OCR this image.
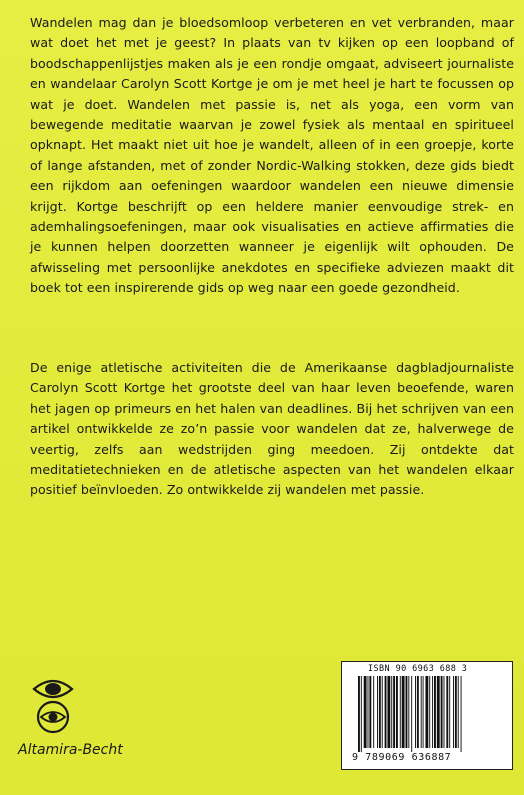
Wandelen mag dan je bloedsomloop verbeteren en vet verbranden, maar wat doet het met je geest? In plaats van tv kijken op een loopband of boodschappenlijstjes maken als je een rondje omgaat, adviseert journaliste en wandelaar Carolyn Scott Kortge je om je met heel je hart te focussen op wat je doet. Wandelen met passie is, net als yoga, een vorm van bewegende meditatie waarvan je zowel fysiek als mentaal en spiritueel opknapt. Het maakt niet uit hoe je wandelt, alleen of in een groepje, korte of lange afstanden, met of zonder Nordic-Walking stokken, deze gids biedt een rijkdom aan oefeningen waardoor wandelen een nieuwe dimensie krijgt. Kortge beschrijft op een heldere manier eenvoudige strek- en ademhalingsoefeningen, maar ook visualisaties en actieve affirmaties die je kunnen helpen doorzetten wanneer je eigenlijk wilt ophouden. De afwisseling met persoonlijke anekdotes en specifieke adviezen maakt dit boek tot een inspirerende gids op weg naar een goede gezondheid.

De enige atletische activiteiten die de Amerikaanse dagbladjournaliste Carolyn Scott Kortge het grootste deel van haar leven beoefende, waren het jagen op primeurs en het halen van deadlines. Bij het schrijven van een artikel ontwikkelde ze zo’n passie voor wandelen dat ze, halverwege de veertig, zelfs aan wedstrijden ging meedoen. Zij ontdekte dat meditatietechnieken en de atletische aspecten van het wandelen elkaar positief beïnvloeden. Zo ontwikkelde zij wandelen met passie.

Altamira-Becht
ISBN 90 6963 688 3
9 789069 636887
